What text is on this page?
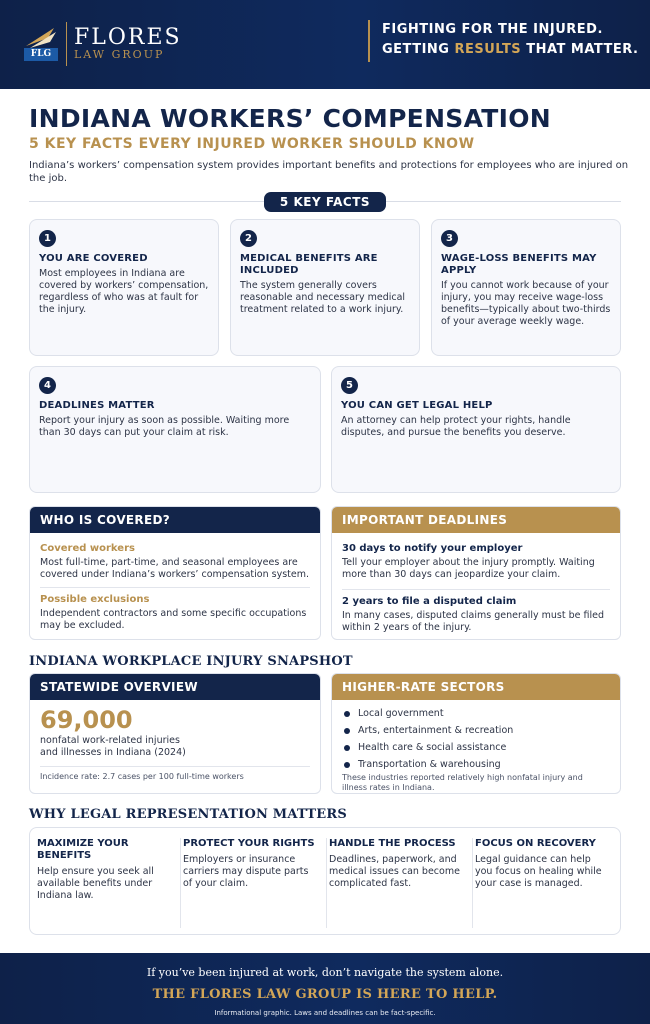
FLG
FLORES
LAW GROUP
FIGHTING FOR THE INJURED.
GETTING RESULTS THAT MATTER.
INDIANA WORKERS’ COMPENSATION
5 KEY FACTS EVERY INJURED WORKER SHOULD KNOW
Indiana’s workers’ compensation system provides important benefits and protections for employees who are injured on the job.
5 KEY FACTS
1
YOU ARE COVERED
Most employees in Indiana are covered by workers’ compensation, regardless of who was at fault for the injury.
2
MEDICAL BENEFITS ARE INCLUDED
The system generally covers reasonable and necessary medical treatment related to a work injury.
3
WAGE-LOSS BENEFITS MAY APPLY
If you cannot work because of your injury, you may receive wage-loss benefits—typically about two-thirds of your average weekly wage.
4
DEADLINES MATTER
Report your injury as soon as possible. Waiting more than 30 days can put your claim at risk.
5
YOU CAN GET LEGAL HELP
An attorney can help protect your rights, handle disputes, and pursue the benefits you deserve.
WHO IS COVERED?
Covered workers
Most full-time, part-time, and seasonal employees are covered under Indiana’s workers’ compensation system.
Possible exclusions
Independent contractors and some specific occupations may be excluded.
IMPORTANT DEADLINES
30 days to notify your employer
Tell your employer about the injury promptly. Waiting more than 30 days can jeopardize your claim.
2 years to file a disputed claim
In many cases, disputed claims generally must be filed within 2 years of the injury.
INDIANA WORKPLACE INJURY SNAPSHOT
STATEWIDE OVERVIEW
69,000
nonfatal work-related injuries and illnesses in Indiana (2024)
Incidence rate: 2.7 cases per 100 full-time workers
HIGHER-RATE SECTORS
Local government
Arts, entertainment & recreation
Health care & social assistance
Transportation & warehousing
These industries reported relatively high nonfatal injury and illness rates in Indiana.
WHY LEGAL REPRESENTATION MATTERS
MAXIMIZE YOUR BENEFITS
Help ensure you seek all available benefits under Indiana law.
PROTECT YOUR RIGHTS
Employers or insurance carriers may dispute parts of your claim.
HANDLE THE PROCESS
Deadlines, paperwork, and medical issues can become complicated fast.
FOCUS ON RECOVERY
Legal guidance can help you focus on healing while your case is managed.
If you’ve been injured at work, don’t navigate the system alone.
THE FLORES LAW GROUP IS HERE TO HELP.
Informational graphic. Laws and deadlines can be fact-specific.
